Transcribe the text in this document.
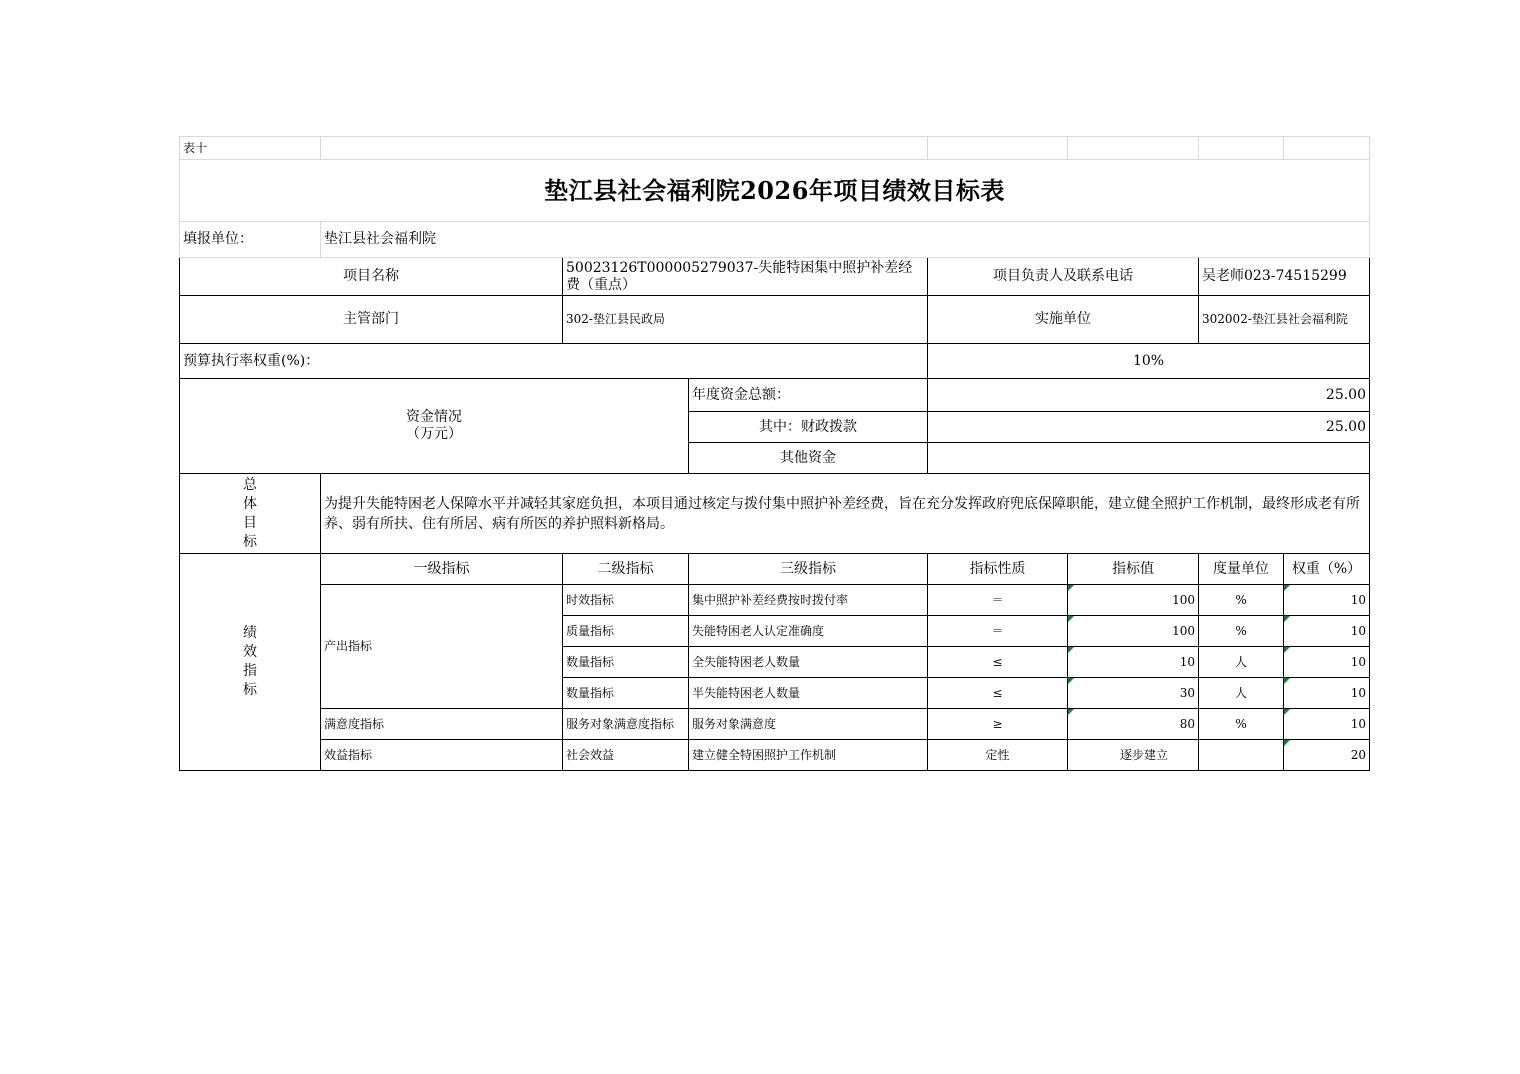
表十							
垫江县社会福利院2026年项目绩效目标表							
填报单位：	垫江县社会福利院						
项目名称		50023126T000005279037-失能特困集中照护补差经费（重点）		项目负责人及联系电话		吴老师023-74515299	
主管部门		302-垫江县民政局		实施单位		302002-垫江县社会福利院	
预算执行率权重(%)：				10%			

资金情况
（万元）			年度资金总额：	25.00			
			其中：财政拨款	25.00			
			其他资金				

总
体
目
标	为提升失能特困老人保障水平并减轻其家庭负担，本项目通过核定与拨付集中照护补差经费，旨在充分发挥政府兜底保障职能，建立健全照护工作机制，最终形成老有所养、弱有所扶、住有所居、病有所医的养护照料新格局。						

绩
效
指
标	一级指标	二级指标	三级指标	指标性质	指标值	度量单位	权重（%）
	产出指标	时效指标	集中照护补差经费按时拨付率	＝	100	%	10
		质量指标	失能特困老人认定准确度	＝	100	%	10
		数量指标	全失能特困老人数量	≤	10	人	10
		数量指标	半失能特困老人数量	≤	30	人	10
	满意度指标	服务对象满意度指标	服务对象满意度	≥	80	%	10
	效益指标	社会效益	建立健全特困照护工作机制	定性	逐步建立		20
